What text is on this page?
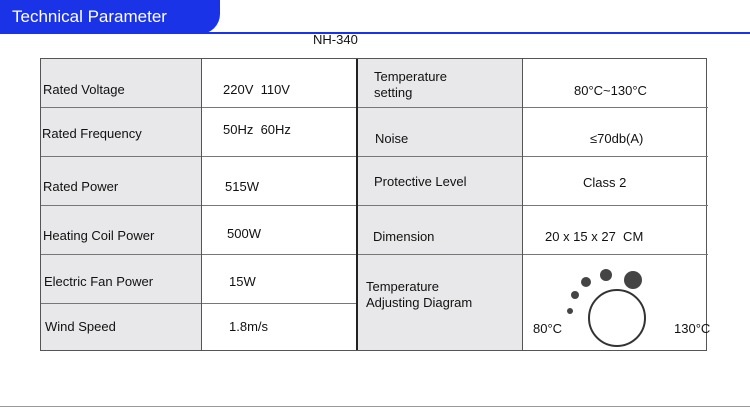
Technical Parameter
NH-340
Rated Voltage
Rated Frequency
Rated Power
Heating Coil Power
Electric Fan Power
Wind Speed
220V  110V
50Hz  60Hz
515W
500W
15W
1.8m/s
Temperature
setting
Noise
Protective Level
Dimension
Temperature
Adjusting Diagram
80°C~130°C
≤70db(A)
Class 2
20 x 15 x 27  CM
80°C	130°C
